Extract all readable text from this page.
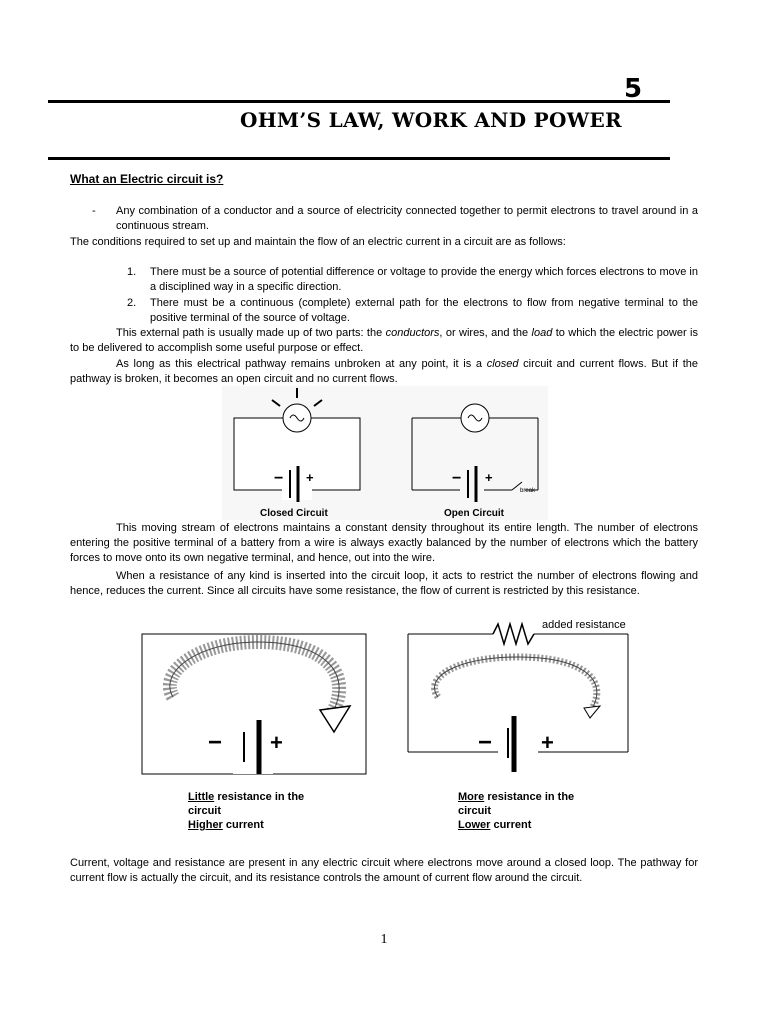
5
OHM’S LAW, WORK AND POWER
What an Electric circuit is?
- Any combination of a conductor and a source of electricity connected together to permit electrons to travel around in a continuous stream.
The conditions required to set up and maintain the flow of an electric current in a circuit are as follows:
1. There must be a source of potential difference or voltage to provide the energy which forces electrons to move in a disciplined way in a specific direction.
2. There must be a continuous (complete) external path for the electrons to flow from negative terminal to the positive terminal of the source of voltage.
This external path is usually made up of two parts: the conductors, or wires, and the load to which the electric power is to be delivered to accomplish some useful purpose or effect.
As long as this electrical pathway remains unbroken at any point, it is a closed circuit and current flows. But if the pathway is broken, it becomes an open circuit and no current flows.
− +
Closed Circuit
− +
break
Open Circuit
This moving stream of electrons maintains a constant density throughout its entire length. The number of electrons entering the positive terminal of a battery from a wire is always exactly balanced by the number of electrons which the battery forces to move onto its own negative terminal, and hence, out into the wire.
When a resistance of any kind is inserted into the circuit loop, it acts to restrict the number of electrons flowing and hence, reduces the current. Since all circuits have some resistance, the flow of current is restricted by this resistance.
− +
added resistance
− +
Little resistance in the
circuit
Higher current
More resistance in the
circuit
Lower current
Current, voltage and resistance are present in any electric circuit where electrons move around a closed loop. The pathway for current flow is actually the circuit, and its resistance controls the amount of current flow around the circuit.
1
